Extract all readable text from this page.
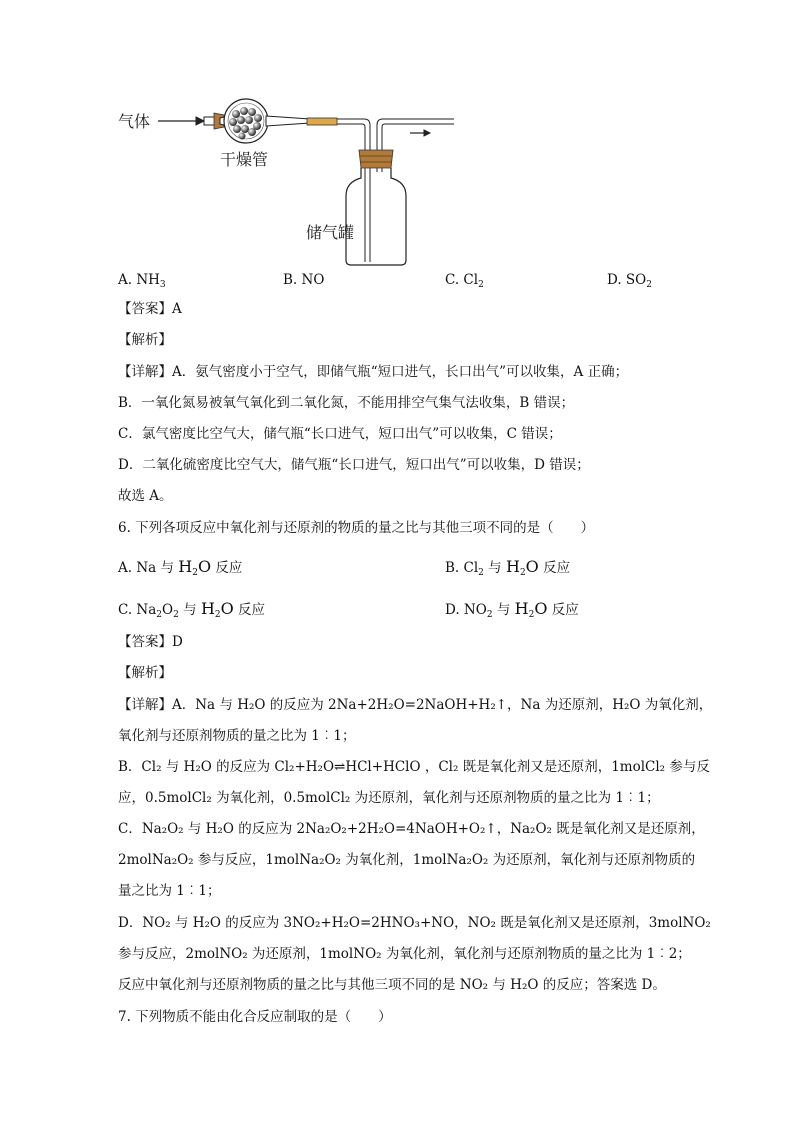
气体
干燥管
储气罐
A. $NH_3$	B. NO	C. $Cl_2$	D. $SO_2$
【答案】A
【解析】
【详解】A．氨气密度小于空气，即储气瓶“短口进气，长口出气”可以收集，A 正确；
B．一氧化氮易被氧气氧化到二氧化氮，不能用排空气集气法收集，B 错误；
C．氯气密度比空气大，储气瓶“长口进气，短口出气”可以收集，C 错误；
D．二氧化硫密度比空气大，储气瓶“长口进气，短口出气”可以收集，D 错误；
故选 A。
6. 下列各项反应中氧化剂与还原剂的物质的量之比与其他三项不同的是（　　）
A. Na 与 $H_2O$ 反应	B. $Cl_2$ 与 $H_2O$ 反应
C. $Na_2O_2$ 与 $H_2O$ 反应	D. $NO_2$ 与 $H_2O$ 反应
【答案】D
【解析】
【详解】A．Na 与 H₂O 的反应为 2Na+2H₂O=2NaOH+H₂↑，Na 为还原剂，H₂O 为氧化剂，
氧化剂与还原剂物质的量之比为 1︰1；
B．Cl₂ 与 H₂O 的反应为 Cl₂+H₂O⇌HCl+HClO ，Cl₂ 既是氧化剂又是还原剂，1molCl₂ 参与反
应，0.5molCl₂ 为氧化剂，0.5molCl₂ 为还原剂，氧化剂与还原剂物质的量之比为 1︰1；
C．Na₂O₂ 与 H₂O 的反应为 2Na₂O₂+2H₂O=4NaOH+O₂↑，Na₂O₂ 既是氧化剂又是还原剂，
2molNa₂O₂ 参与反应，1molNa₂O₂ 为氧化剂，1molNa₂O₂ 为还原剂，氧化剂与还原剂物质的
量之比为 1︰1；
D．NO₂ 与 H₂O 的反应为 3NO₂+H₂O=2HNO₃+NO，NO₂ 既是氧化剂又是还原剂，3molNO₂
参与反应，2molNO₂ 为还原剂，1molNO₂ 为氧化剂，氧化剂与还原剂物质的量之比为 1︰2；
反应中氧化剂与还原剂物质的量之比与其他三项不同的是 NO₂ 与 H₂O 的反应；答案选 D。
7. 下列物质不能由化合反应制取的是（　　）
